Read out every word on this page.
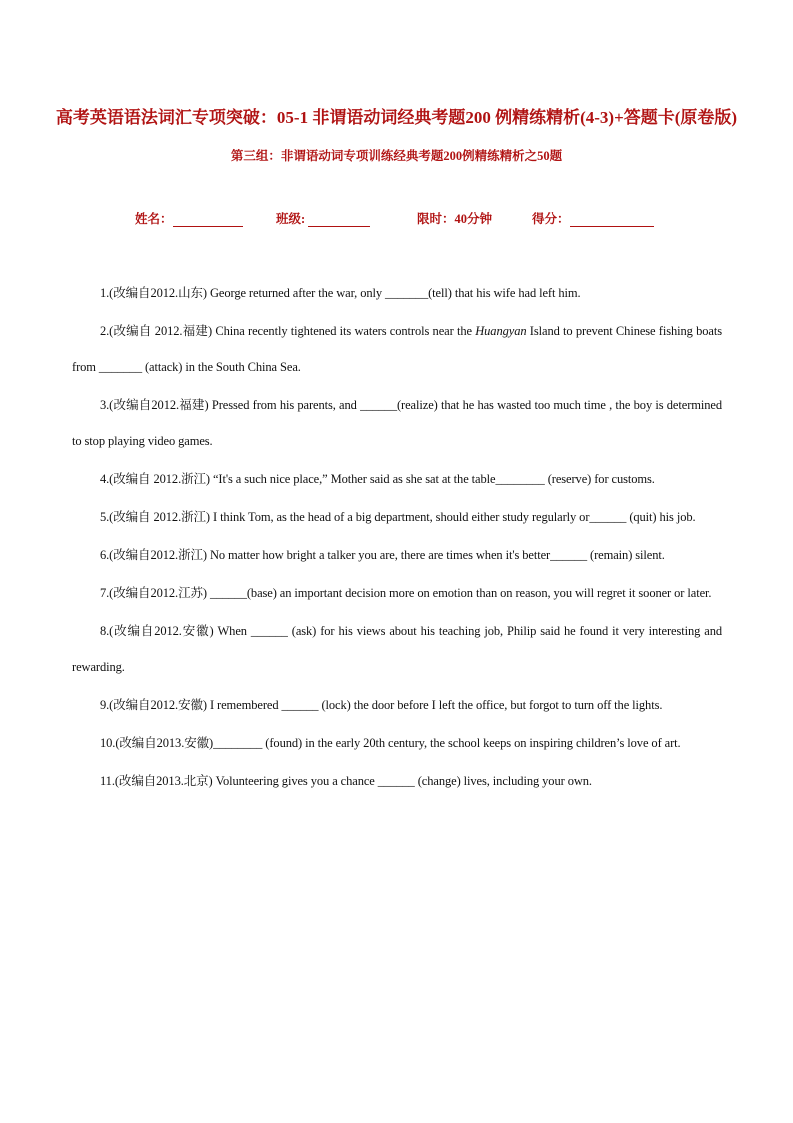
高考英语语法词汇专项突破：05-1 非谓语动词经典考题200 例精练精析(4-3)+答题卡(原卷版)
第三组：非谓语动词专项训练经典考题200例精练精析之50题
姓名：	班级:	限时：40分钟	得分：

1.(改编自2012.山东) George returned after the war, only _______(tell) that his wife had left him.

2.(改编自 2012.福建) China recently tightened its waters controls near the Huangyan Island to prevent Chinese fishing boats from _______ (attack) in the South China Sea.

3.(改编自2012.福建) Pressed from his parents, and ______(realize) that he has wasted too much time , the boy is determined to stop playing video games.

4.(改编自 2012.浙江) “It's a such nice place,” Mother said as she sat at the table________ (reserve) for customs.

5.(改编自 2012.浙江) I think Tom, as the head of a big department, should either study regularly or______ (quit) his job.

6.(改编自2012.浙江) No matter how bright a talker you are, there are times when it's better______ (remain) silent.

7.(改编自2012.江苏) ______(base) an important decision more on emotion than on reason, you will regret it sooner or later.

8.(改编自2012.安徽) When ______ (ask) for his views about his teaching job, Philip said he found it very interesting and rewarding.

9.(改编自2012.安徽) I remembered ______ (lock) the door before I left the office, but forgot to turn off the lights.

10.(改编自2013.安徽)________ (found) in the early 20th century, the school keeps on inspiring children’s love of art.

11.(改编自2013.北京) Volunteering gives you a chance ______ (change) lives, including your own.
